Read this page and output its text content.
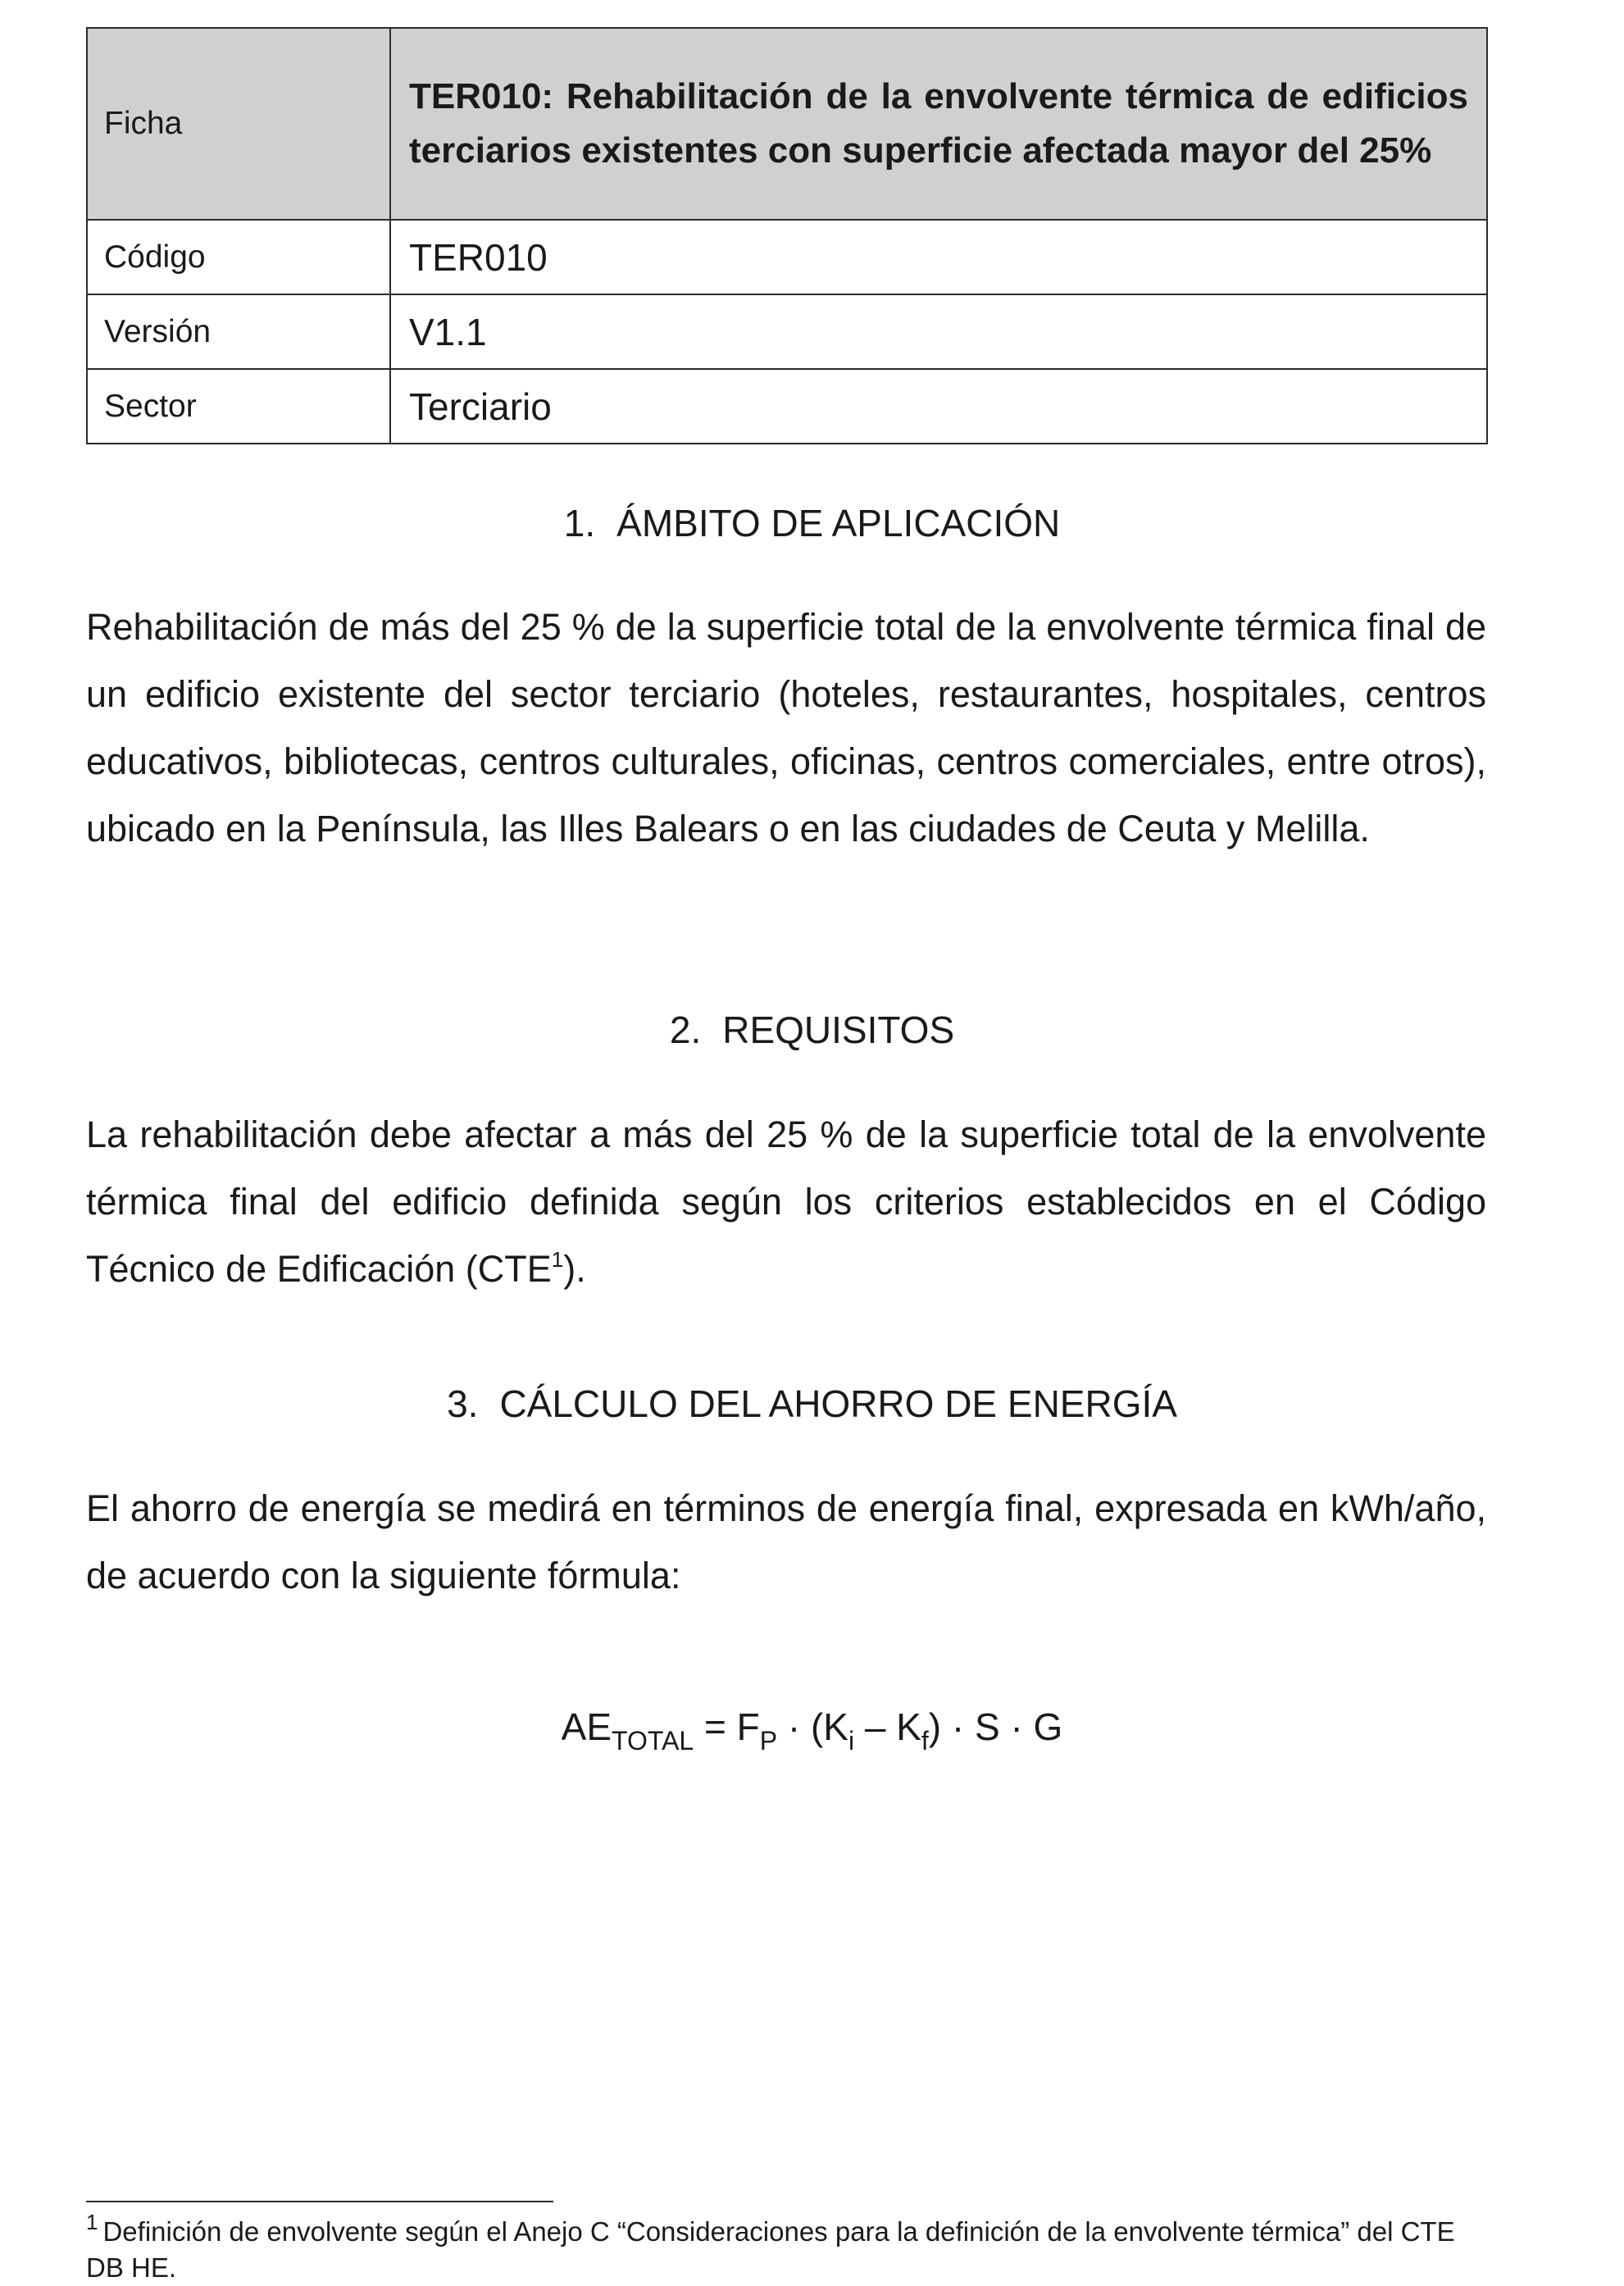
Ficha	TER010: Rehabilitación de la envolvente térmica de edificios terciarios existentes con superficie afectada mayor del 25%
Código	TER010
Versión	V1.1
Sector	Terciario
1. ÁMBITO DE APLICACIÓN

Rehabilitación de más del 25 % de la superficie total de la envolvente térmica final de un edificio existente del sector terciario (hoteles, restaurantes, hospitales, centros educativos, bibliotecas, centros culturales, oficinas, centros comerciales, entre otros), ubicado en la Península, las Illes Balears o en las ciudades de Ceuta y Melilla.

2. REQUISITOS

La rehabilitación debe afectar a más del 25 % de la superficie total de la envolvente térmica final del edificio definida según los criterios establecidos en el Código Técnico de Edificación (CTE$^1$).

3. CÁLCULO DEL AHORRO DE ENERGÍA

El ahorro de energía se medirá en términos de energía final, expresada en kWh/año, de acuerdo con la siguiente fórmula:

$AE_{TOTAL} = F_P \cdot (K_i - K_f) \cdot S \cdot G$
$^1$ Definición de envolvente según el Anejo C “Consideraciones para la definición de la envolvente térmica” del CTE DB HE.
